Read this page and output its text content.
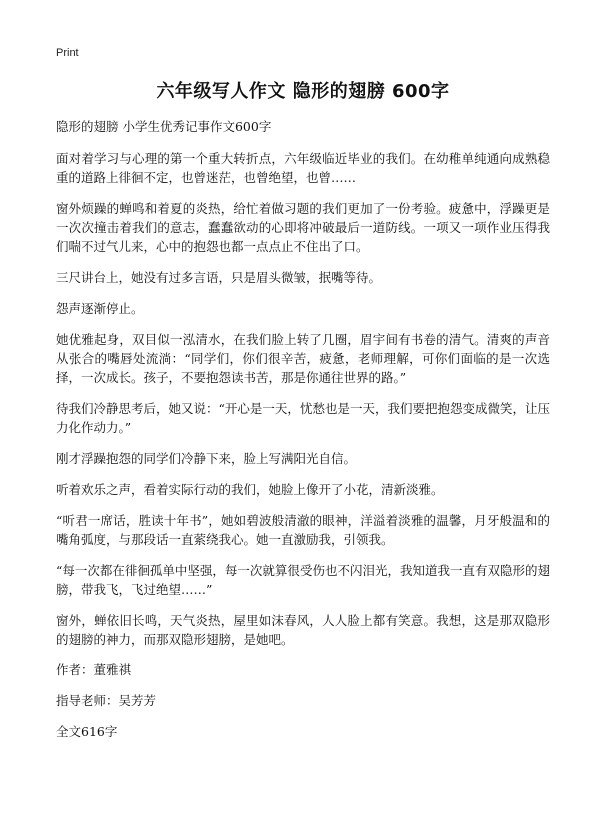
Print
六年级写人作文 隐形的翅膀 600字
隐形的翅膀 小学生优秀记事作文600字

面对着学习与心理的第一个重大转折点，六年级临近毕业的我们。在幼稚单纯通向成熟稳重的道路上徘徊不定，也曾迷茫，也曾绝望，也曾……

窗外烦躁的蝉鸣和着夏的炎热，给忙着做习题的我们更加了一份考验。疲惫中，浮躁更是一次次撞击着我们的意志，蠢蠢欲动的心即将冲破最后一道防线。一项又一项作业压得我们喘不过气儿来，心中的抱怨也都一点点止不住出了口。

三尺讲台上，她没有过多言语，只是眉头微皱，抿嘴等待。

怨声逐渐停止。

她优雅起身，双目似一泓清水，在我们脸上转了几圈，眉宇间有书卷的清气。清爽的声音从张合的嘴唇处流淌：“同学们，你们很辛苦，疲惫，老师理解，可你们面临的是一次选择，一次成长。孩子，不要抱怨读书苦，那是你通往世界的路。”

待我们冷静思考后，她又说：“开心是一天，忧愁也是一天，我们要把抱怨变成微笑，让压力化作动力。”

刚才浮躁抱怨的同学们冷静下来，脸上写满阳光自信。

听着欢乐之声，看着实际行动的我们，她脸上像开了小花，清新淡雅。

“听君一席话，胜读十年书”，她如碧波般清澈的眼神，洋溢着淡雅的温馨，月牙般温和的嘴角弧度，与那段话一直萦绕我心。她一直激励我，引领我。

“每一次都在徘徊孤单中坚强，每一次就算很受伤也不闪泪光，我知道我一直有双隐形的翅膀，带我飞，飞过绝望……”

窗外，蝉依旧长鸣，天气炎热，屋里如沫春风，人人脸上都有笑意。我想，这是那双隐形的翅膀的神力，而那双隐形翅膀，是她吧。

作者：董雅祺
指导老师：吴芳芳
全文616字
